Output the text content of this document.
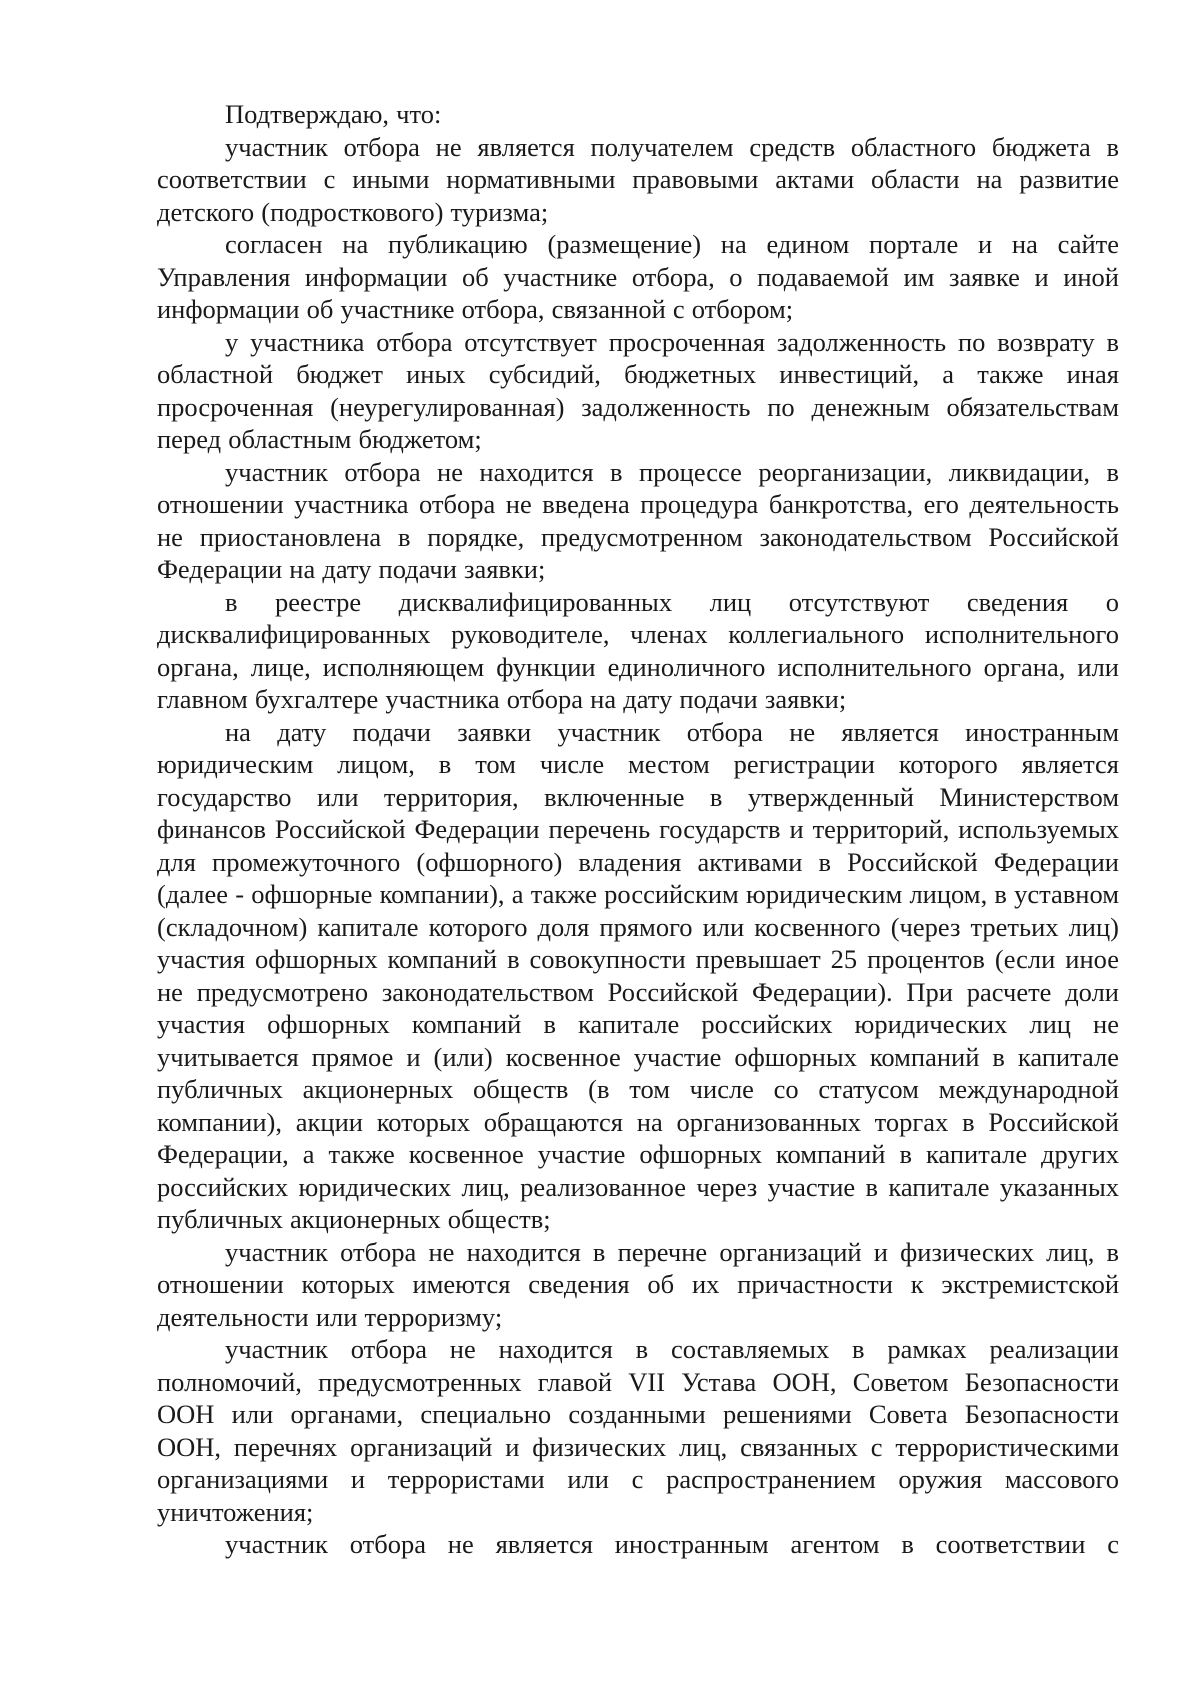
Подтверждаю, что:

участник отбора не является получателем средств областного бюджета в соответствии с иными нормативными правовыми актами области на развитие детского (подросткового) туризма;

согласен на публикацию (размещение) на едином портале и на сайте Управления информации об участнике отбора, о подаваемой им заявке и иной информации об участнике отбора, связанной с отбором;

у участника отбора отсутствует просроченная задолженность по возврату в областной бюджет иных субсидий, бюджетных инвестиций, а также иная просроченная (неурегулированная) задолженность по денежным обязательствам перед областным бюджетом;

участник отбора не находится в процессе реорганизации, ликвидации, в отношении участника отбора не введена процедура банкротства, его деятельность не приостановлена в порядке, предусмотренном законодательством Российской Федерации на дату подачи заявки;

в реестре дисквалифицированных лиц отсутствуют сведения о дисквалифицированных руководителе, членах коллегиального исполнительного органа, лице, исполняющем функции единоличного исполнительного органа, или главном бухгалтере участника отбора на дату подачи заявки;

на дату подачи заявки участник отбора не является иностранным юридическим лицом, в том числе местом регистрации которого является государство или территория, включенные в утвержденный Министерством финансов Российской Федерации перечень государств и территорий, используемых для промежуточного (офшорного) владения активами в Российской Федерации (далее - офшорные компании), а также российским юридическим лицом, в уставном (складочном) капитале которого доля прямого или косвенного (через третьих лиц) участия офшорных компаний в совокупности превышает 25 процентов (если иное не предусмотрено законодательством Российской Федерации). При расчете доли участия офшорных компаний в капитале российских юридических лиц не учитывается прямое и (или) косвенное участие офшорных компаний в капитале публичных акционерных обществ (в том числе со статусом международной компании), акции которых обращаются на организованных торгах в Российской Федерации, а также косвенное участие офшорных компаний в капитале других российских юридических лиц, реализованное через участие в капитале указанных публичных акционерных обществ;

участник отбора не находится в перечне организаций и физических лиц, в отношении которых имеются сведения об их причастности к экстремистской деятельности или терроризму;

участник отбора не находится в составляемых в рамках реализации полномочий, предусмотренных главой VII Устава ООН, Советом Безопасности ООН или органами, специально созданными решениями Совета Безопасности ООН, перечнях организаций и физических лиц, связанных с террористическими организациями и террористами или с распространением оружия массового уничтожения;

участник отбора не является иностранным агентом в соответствии с
